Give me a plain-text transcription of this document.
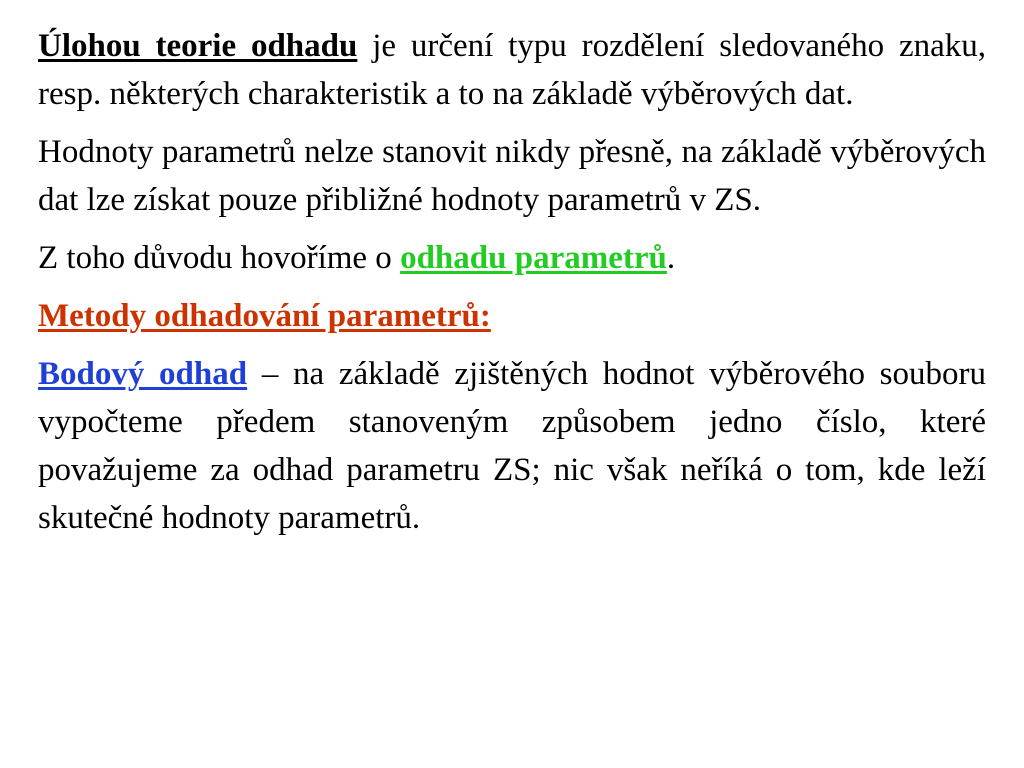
Úlohou teorie odhadu je určení typu rozdělení sledovaného znaku, resp. některých charakteristik a to na základě výběrových dat.

Hodnoty parametrů nelze stanovit nikdy přesně, na základě výběrových dat lze získat pouze přibližné hodnoty parametrů v ZS.

Z toho důvodu hovoříme o odhadu parametrů.

Metody odhadování parametrů:

Bodový odhad – na základě zjištěných hodnot výběrového souboru vypočteme předem stanoveným způsobem jedno číslo, které považujeme za odhad parametru ZS; nic však neříká o tom, kde leží skutečné hodnoty parametrů.
